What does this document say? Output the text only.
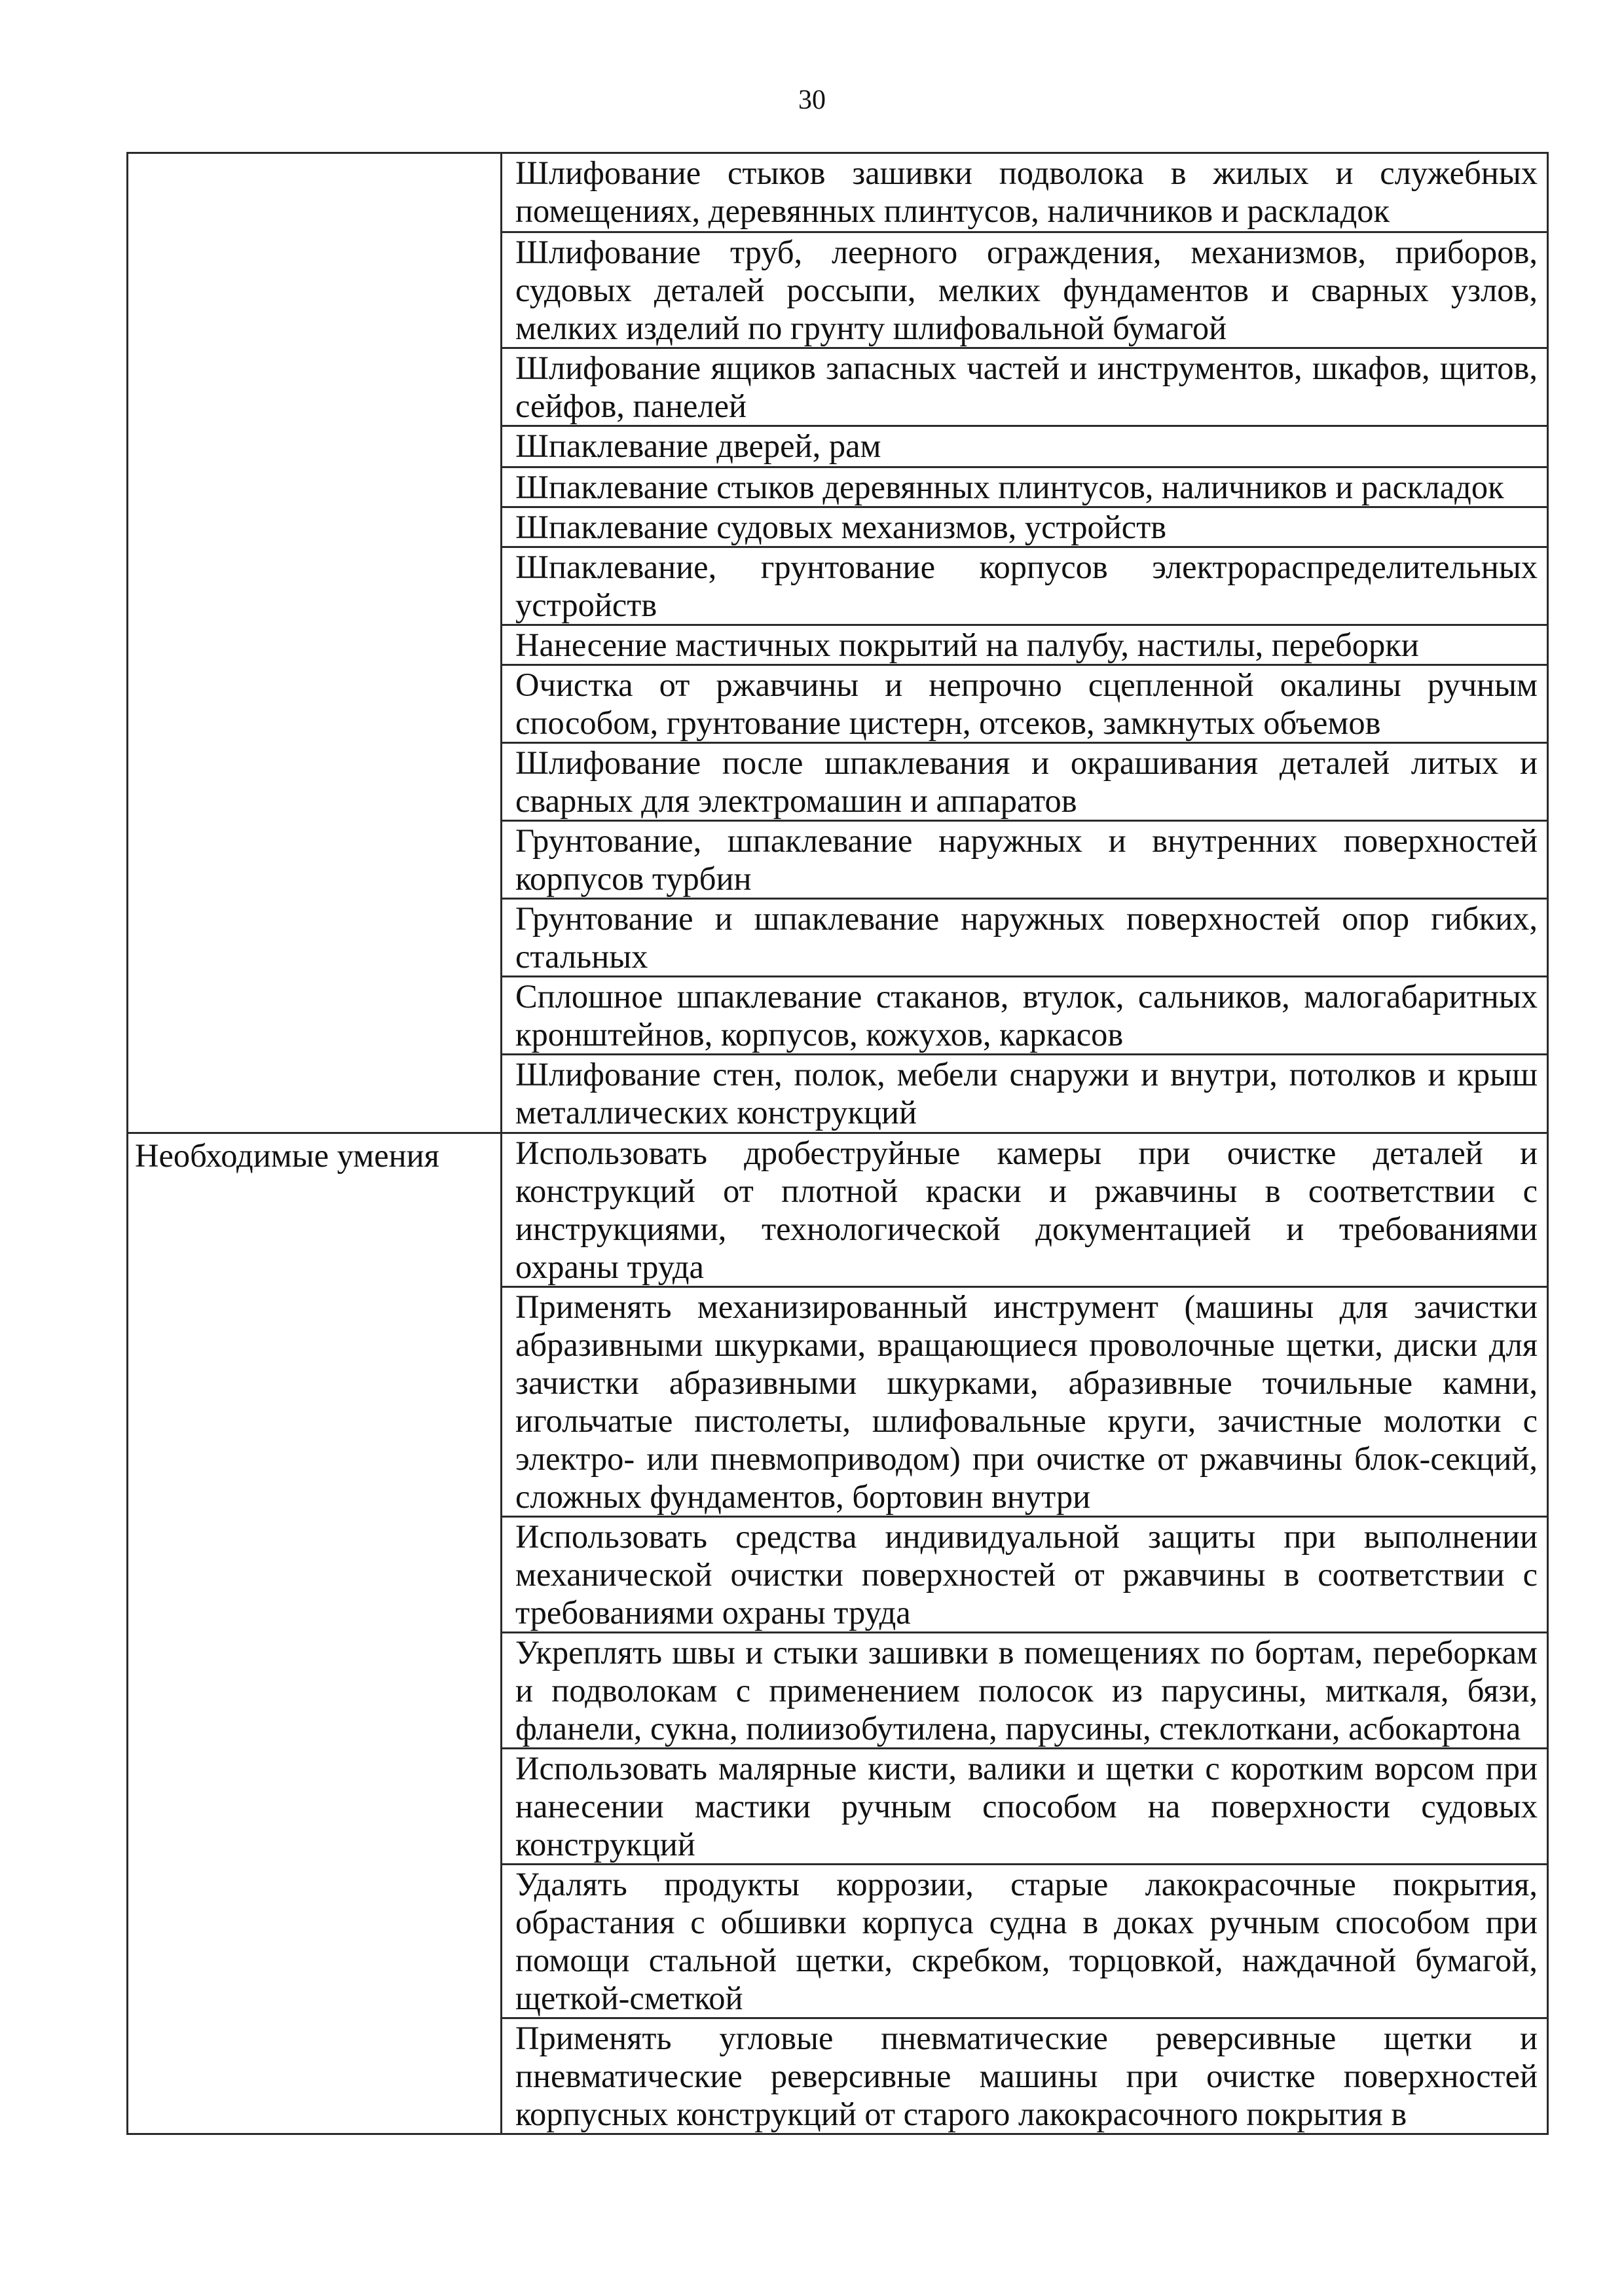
30
	Шлифование стыков зашивки подволока в жилых и служебных помещениях, деревянных плинтусов, наличников и раскладок
	Шлифование труб, леерного ограждения, механизмов, приборов, судовых деталей россыпи, мелких фундаментов и сварных узлов, мелких изделий по грунту шлифовальной бумагой
	Шлифование ящиков запасных частей и инструментов, шкафов, щитов, сейфов, панелей
	Шпаклевание дверей, рам
	Шпаклевание стыков деревянных плинтусов, наличников и раскладок
	Шпаклевание судовых механизмов, устройств
	Шпаклевание, грунтование корпусов электрораспределительных устройств
	Нанесение мастичных покрытий на палубу, настилы, переборки
	Очистка от ржавчины и непрочно сцепленной окалины ручным способом, грунтование цистерн, отсеков, замкнутых объемов
	Шлифование после шпаклевания и окрашивания деталей литых и сварных для электромашин и аппаратов
	Грунтование, шпаклевание наружных и внутренних поверхностей корпусов турбин
	Грунтование и шпаклевание наружных поверхностей опор гибких, стальных
	Сплошное шпаклевание стаканов, втулок, сальников, малогабаритных кронштейнов, корпусов, кожухов, каркасов
	Шлифование стен, полок, мебели снаружи и внутри, потолков и крыш металлических конструкций
Необходимые умения	Использовать дробеструйные камеры при очистке деталей и конструкций от плотной краски и ржавчины в соответствии с инструкциями, технологической документацией и требованиями охраны труда
	Применять механизированный инструмент (машины для зачистки абразивными шкурками, вращающиеся проволочные щетки, диски для зачистки абразивными шкурками, абразивные точильные камни, игольчатые пистолеты, шлифовальные круги, зачистные молотки с электро- или пневмоприводом) при очистке от ржавчины блок-секций, сложных фундаментов, бортовин внутри
	Использовать средства индивидуальной защиты при выполнении механической очистки поверхностей от ржавчины в соответствии с требованиями охраны труда
	Укреплять швы и стыки зашивки в помещениях по бортам, переборкам и подволокам с применением полосок из парусины, миткаля, бязи, фланели, сукна, полиизобутилена, парусины, стеклоткани, асбокартона
	Использовать малярные кисти, валики и щетки с коротким ворсом при нанесении мастики ручным способом на поверхности судовых конструкций
	Удалять продукты коррозии, старые лакокрасочные покрытия, обрастания с обшивки корпуса судна в доках ручным способом при помощи стальной щетки, скребком, торцовкой, наждачной бумагой, щеткой-сметкой
	Применять угловые пневматические реверсивные щетки и пневматические реверсивные машины при очистке поверхностей корпусных конструкций от старого лакокрасочного покрытия в
